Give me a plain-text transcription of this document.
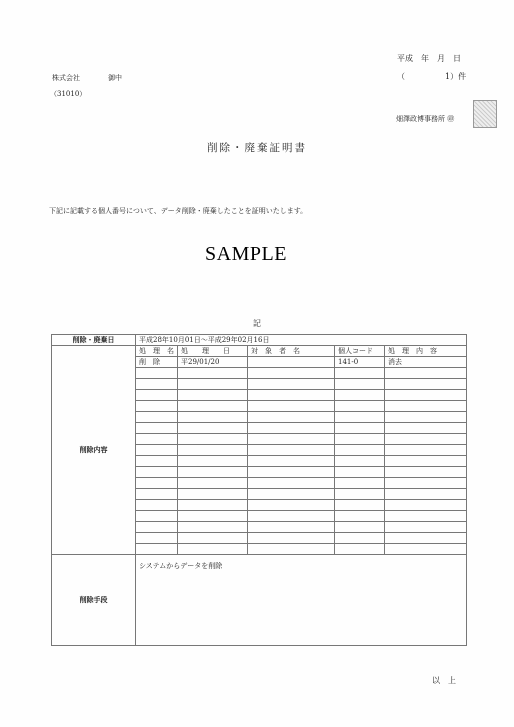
平成　年　月　日
（　　　　　1）件
株式会社　　　　御中
（31010）
畑澤政博事務所 ㊞
削除・廃棄証明書
下記に記載する個人番号について、データ削除・廃棄したことを証明いたします。
SAMPLE
記
削除・廃棄日	平成28年10月01日～平成29年02月16日				
削除内容	処　理　名	処　　理　　日	対　象　者　名	個人コード	処　理　内　容
	削　除	平29/01/20		141-0	消去

削除手段	システムからデータを削除				
以　上
